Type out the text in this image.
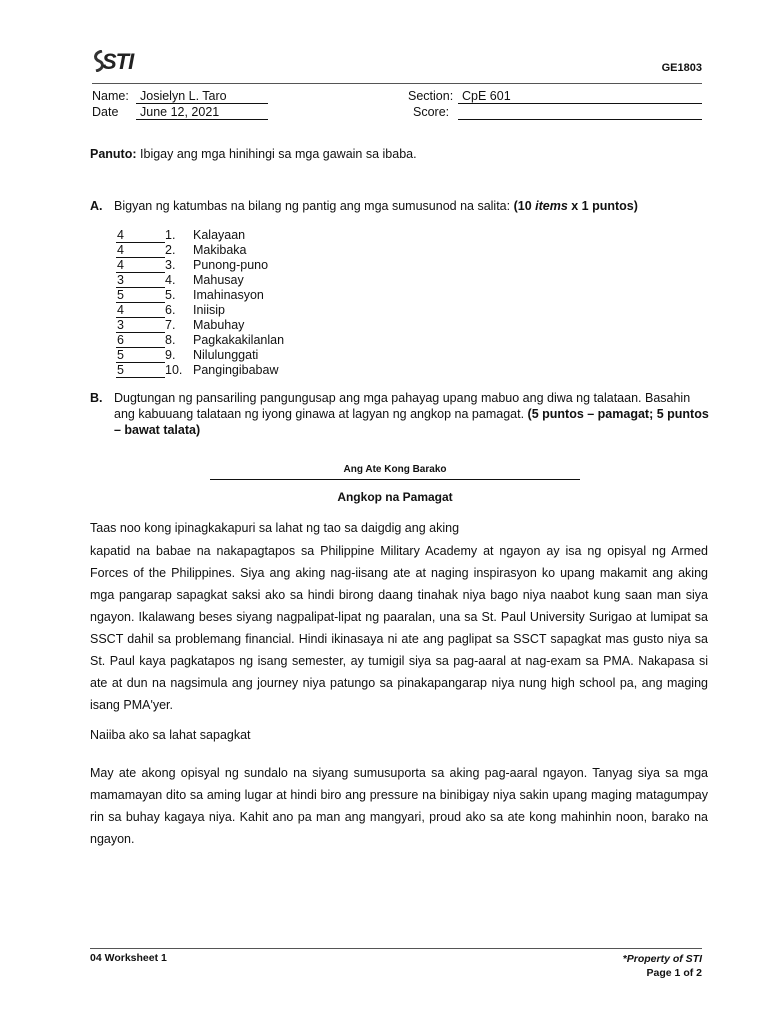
STI	GE1803
Name: Josielyn L. Taro
Date	June 12, 2021
Section: CpE 601
Score:
Panuto: Ibigay ang mga hinihingi sa mga gawain sa ibaba.
A. Bigyan ng katumbas na bilang ng pantig ang mga sumusunod na salita: (10 items x 1 puntos)
4	1.	Kalayaan
4	2.	Makibaka
4	3.	Punong-puno
3	4.	Mahusay
5	5.	Imahinasyon
4	6.	Iniisip
3	7.	Mabuhay
6	8.	Pagkakakilanlan
5	9.	Nilulunggati
5	10. Pangingibabaw
B. Dugtungan ng pansariling pangungusap ang mga pahayag upang mabuo ang diwa ng talataan. Basahin ang kabuuang talataan ng iyong ginawa at lagyan ng angkop na pamagat. (5 puntos – pamagat; 5 puntos – bawat talata)
Ang Ate Kong Barako
Angkop na Pamagat
Taas noo kong ipinagkakapuri sa lahat ng tao sa daigdig ang aking
kapatid na babae na nakapagtapos sa Philippine Military Academy at ngayon ay isa ng opisyal ng Armed Forces of the Philippines. Siya ang aking nag-iisang ate at naging inspirasyon ko upang makamit ang aking mga pangarap sapagkat saksi ako sa hindi birong daang tinahak niya bago niya naabot kung saan man siya ngayon. Ikalawang beses siyang nagpalipat-lipat ng paaralan, una sa St. Paul University Surigao at lumipat sa SSCT dahil sa problemang financial. Hindi ikinasaya ni ate ang paglipat sa SSCT sapagkat mas gusto niya sa St. Paul kaya pagkatapos ng isang semester, ay tumigil siya sa pag-aaral at nag-exam sa PMA. Nakapasa si ate at dun na nagsimula ang journey niya patungo sa pinakapangarap niya nung high school pa, ang maging isang PMA'yer.
Naiiba ako sa lahat sapagkat
May ate akong opisyal ng sundalo na siyang sumusuporta sa aking pag-aaral ngayon. Tanyag siya sa mga mamamayan dito sa aming lugar at hindi biro ang pressure na binibigay niya sakin upang maging matagumpay rin sa buhay kagaya niya. Kahit ano pa man ang mangyari, proud ako sa ate kong mahinhin noon, barako na ngayon.
04 Worksheet 1	*Property of STI
Page 1 of 2
